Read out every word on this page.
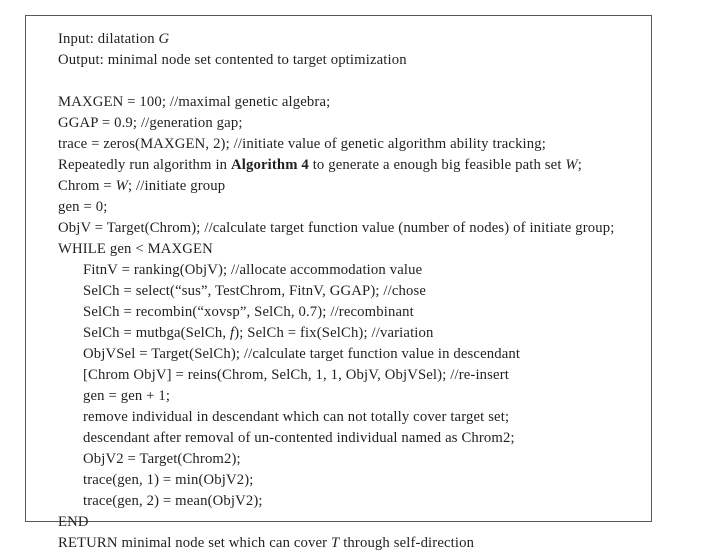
Input: dilatation G
Output: minimal node set contented to target optimization

MAXGEN = 100; //maximal genetic algebra;
GGAP = 0.9; //generation gap;
trace = zeros(MAXGEN, 2); //initiate value of genetic algorithm ability tracking;
Repeatedly run algorithm in Algorithm 4 to generate a enough big feasible path set W;
Chrom = W; //initiate group
gen = 0;
ObjV = Target(Chrom); //calculate target function value (number of nodes) of initiate group;
WHILE gen < MAXGEN
FitnV = ranking(ObjV); //allocate accommodation value
SelCh = select(“sus”, TestChrom, FitnV, GGAP); //chose
SelCh = recombin(“xovsp”, SelCh, 0.7); //recombinant
SelCh = mutbga(SelCh, f); SelCh = fix(SelCh); //variation
ObjVSel = Target(SelCh); //calculate target function value in descendant
[Chrom ObjV] = reins(Chrom, SelCh, 1, 1, ObjV, ObjVSel); //re-insert
gen = gen + 1;
remove individual in descendant which can not totally cover target set;
descendant after removal of un-contented individual named as Chrom2;
ObjV2 = Target(Chrom2);
trace(gen, 1) = min(ObjV2);
trace(gen, 2) = mean(ObjV2);
END
RETURN minimal node set which can cover T through self-direction
